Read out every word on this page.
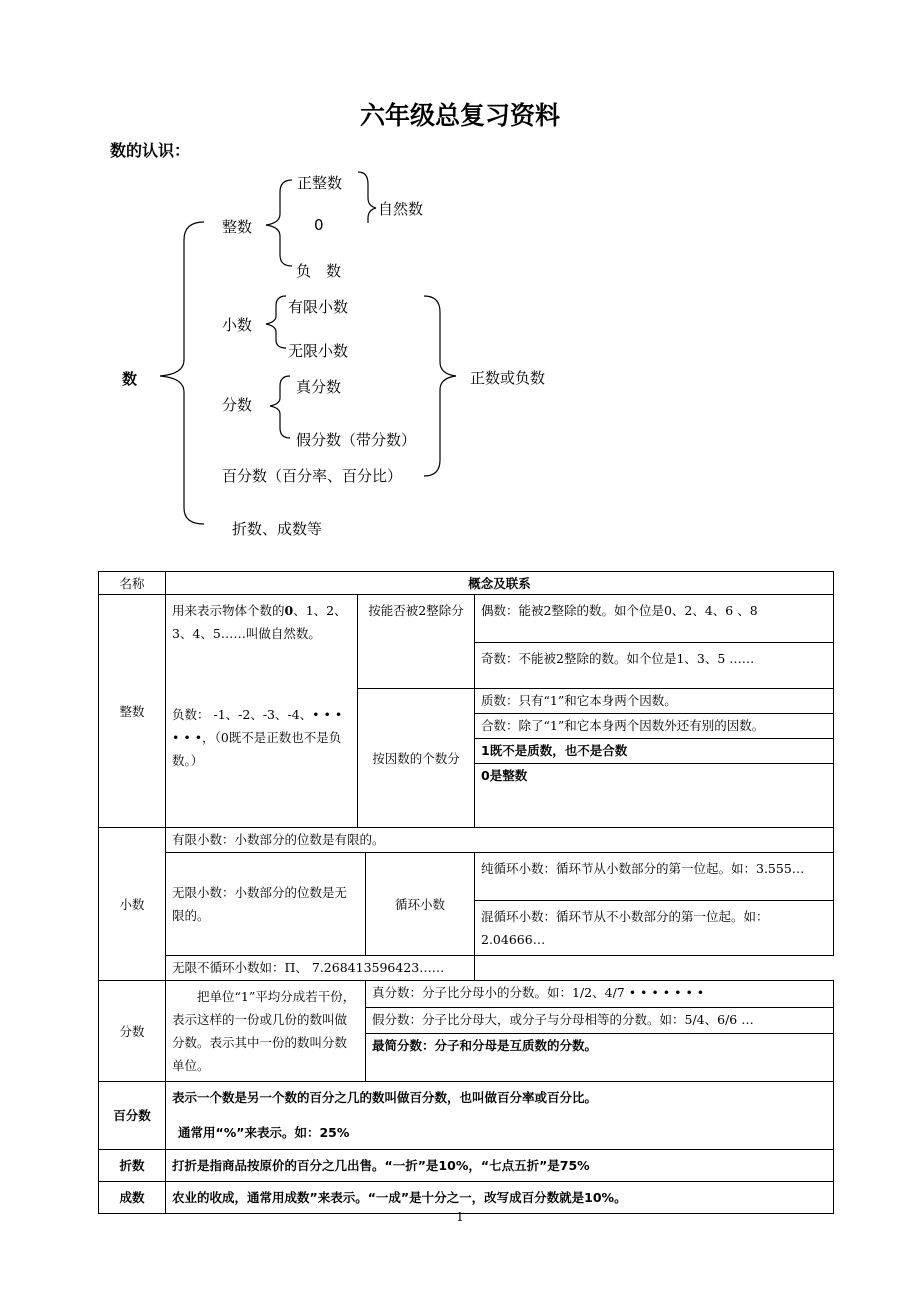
六年级总复习资料
数的认识：
数
整数
正整数
0
负　数
自然数
小数
有限小数
无限小数
分数
真分数
假分数（带分数）
百分数（百分率、百分比）
正数或负数
折数、成数等
名称	概念及联系			
整数	用来表示物体个数的0、1、2、3、4、5……叫做自然数。
负数： -1、-2、-3、-4、• • • • • •，（0既不是正数也不是负数。）	按能否被2整除分		偶数：能被2整除的数。如个位是0、2、4、6 、8
				奇数：不能被2整除的数。如个位是1、3、5 ……
		按因数的个数分		质数：只有“1”和它本身两个因数。
				合数：除了“1”和它本身两个因数外还有别的因数。
				1既不是质数，也不是合数
				0是整数
小数	有限小数：小数部分的位数是有限的。			
	无限小数：小数部分的位数是无限的。		循环小数	纯循环小数：循环节从小数部分的第一位起。如：3.555…
				混循环小数：循环节从不小数部分的第一位起。如：2.04666…
	无限不循环小数如：П、 7.268413596423……			
分数	把单位“1”平均分成若干份，表示这样的一份或几份的数叫做分数。表示其中一份的数叫分数单位。		真分数：分子比分母小的分数。如：1/2、4/7 • • • • • • •	
			假分数：分子比分母大，或分子与分母相等的分数。如：5/4、6/6 …	
			最简分数：分子和分母是互质数的分数。	
百分数	表示一个数是另一个数的百分之几的数叫做百分数，也叫做百分率或百分比。
通常用“%”来表示。如：25%			

折数	打折是指商品按原价的百分之几出售。“一折”是10%，“七点五折”是75%			
成数	农业的收成，通常用成数”来表示。“一成”是十分之一，改写成百分数就是10%。			
1
